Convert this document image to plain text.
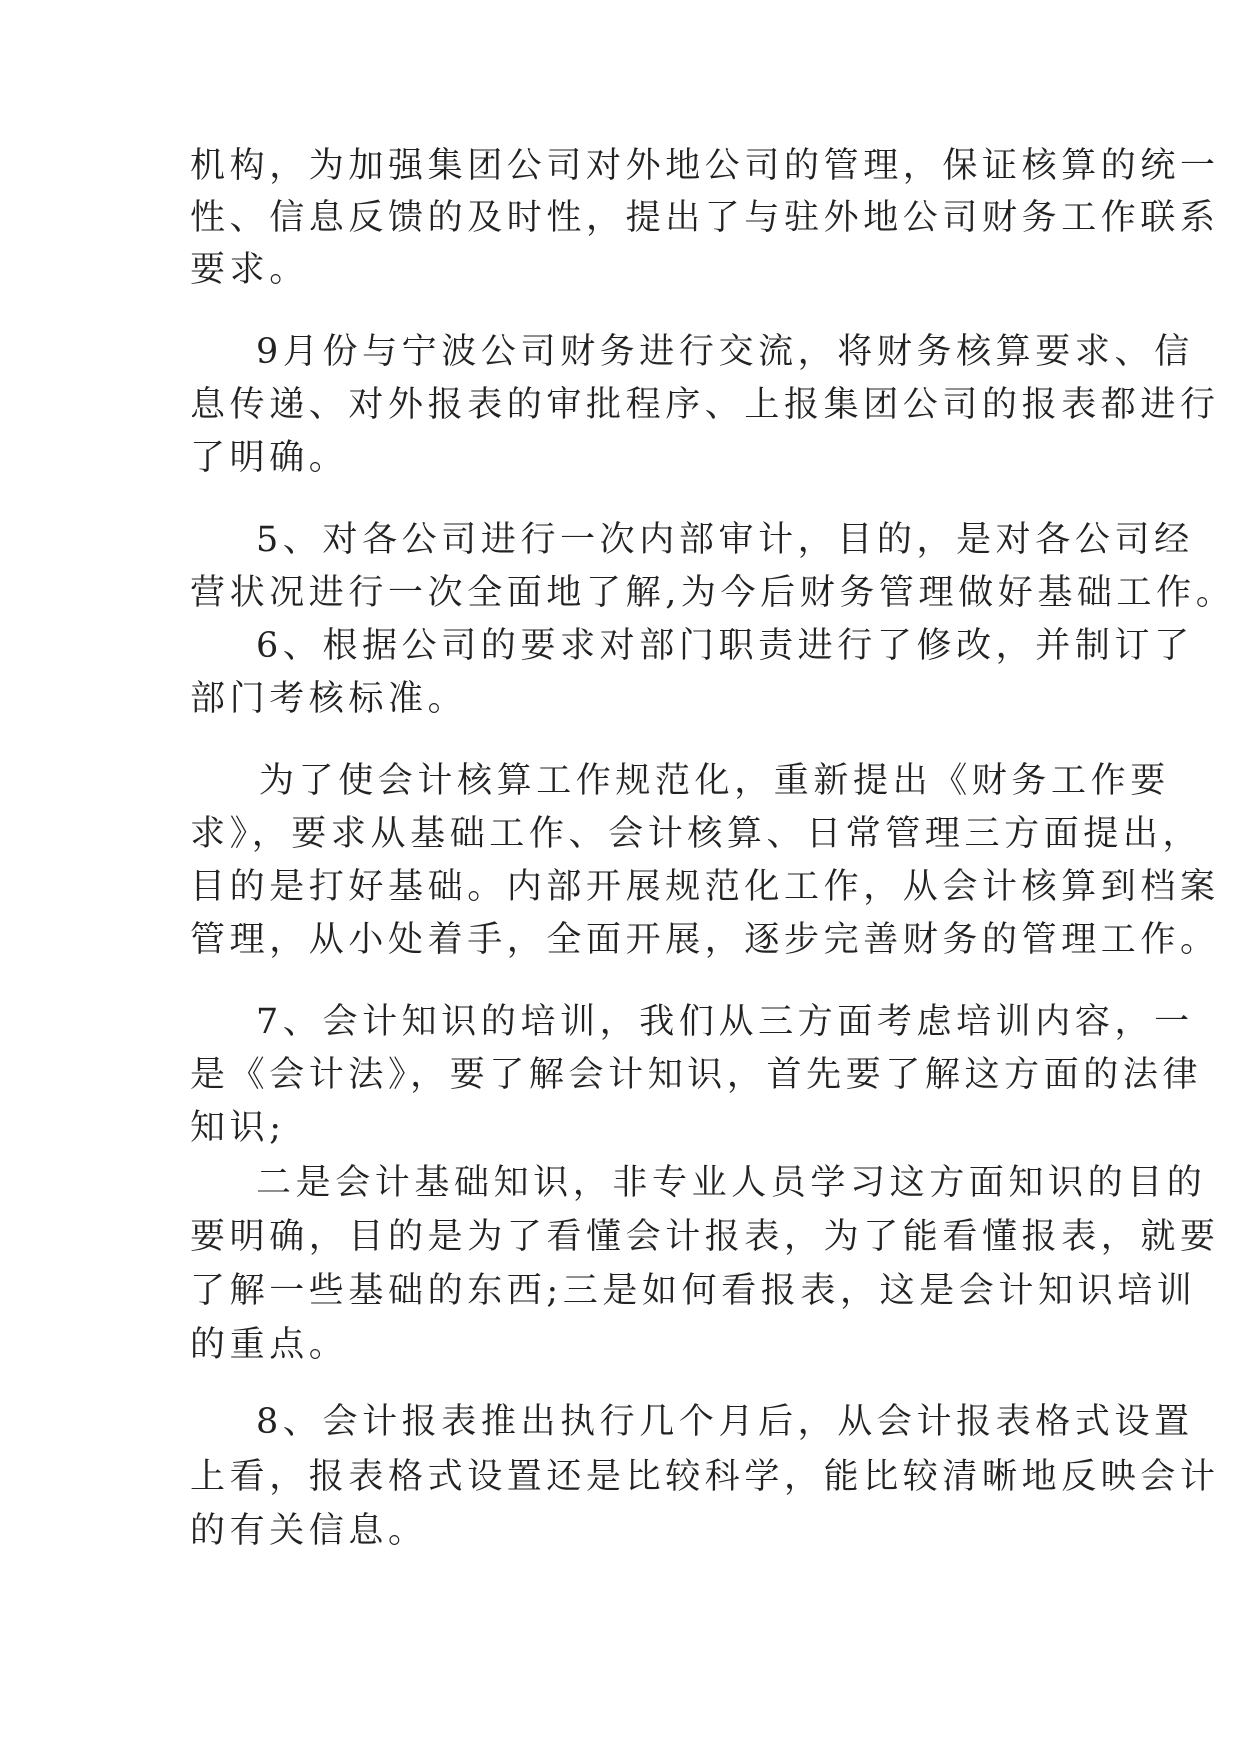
机构，为加强集团公司对外地公司的管理，保证核算的统一
性、信息反馈的及时性，提出了与驻外地公司财务工作联系
要求。
9月份与宁波公司财务进行交流，将财务核算要求、信
息传递、对外报表的审批程序、上报集团公司的报表都进行
了明确。
5、对各公司进行一次内部审计，目的，是对各公司经
营状况进行一次全面地了解,为今后财务管理做好基础工作。
6、根据公司的要求对部门职责进行了修改，并制订了
部门考核标准。
为了使会计核算工作规范化，重新提出《财务工作要
求》，要求从基础工作、会计核算、日常管理三方面提出，
目的是打好基础。内部开展规范化工作，从会计核算到档案
管理，从小处着手，全面开展，逐步完善财务的管理工作。
7、会计知识的培训，我们从三方面考虑培训内容，一
是《会计法》，要了解会计知识，首先要了解这方面的法律
知识;
二是会计基础知识，非专业人员学习这方面知识的目的
要明确，目的是为了看懂会计报表，为了能看懂报表，就要
了解一些基础的东西;三是如何看报表，这是会计知识培训
的重点。
8、会计报表推出执行几个月后，从会计报表格式设置
上看，报表格式设置还是比较科学，能比较清晰地反映会计
的有关信息。
